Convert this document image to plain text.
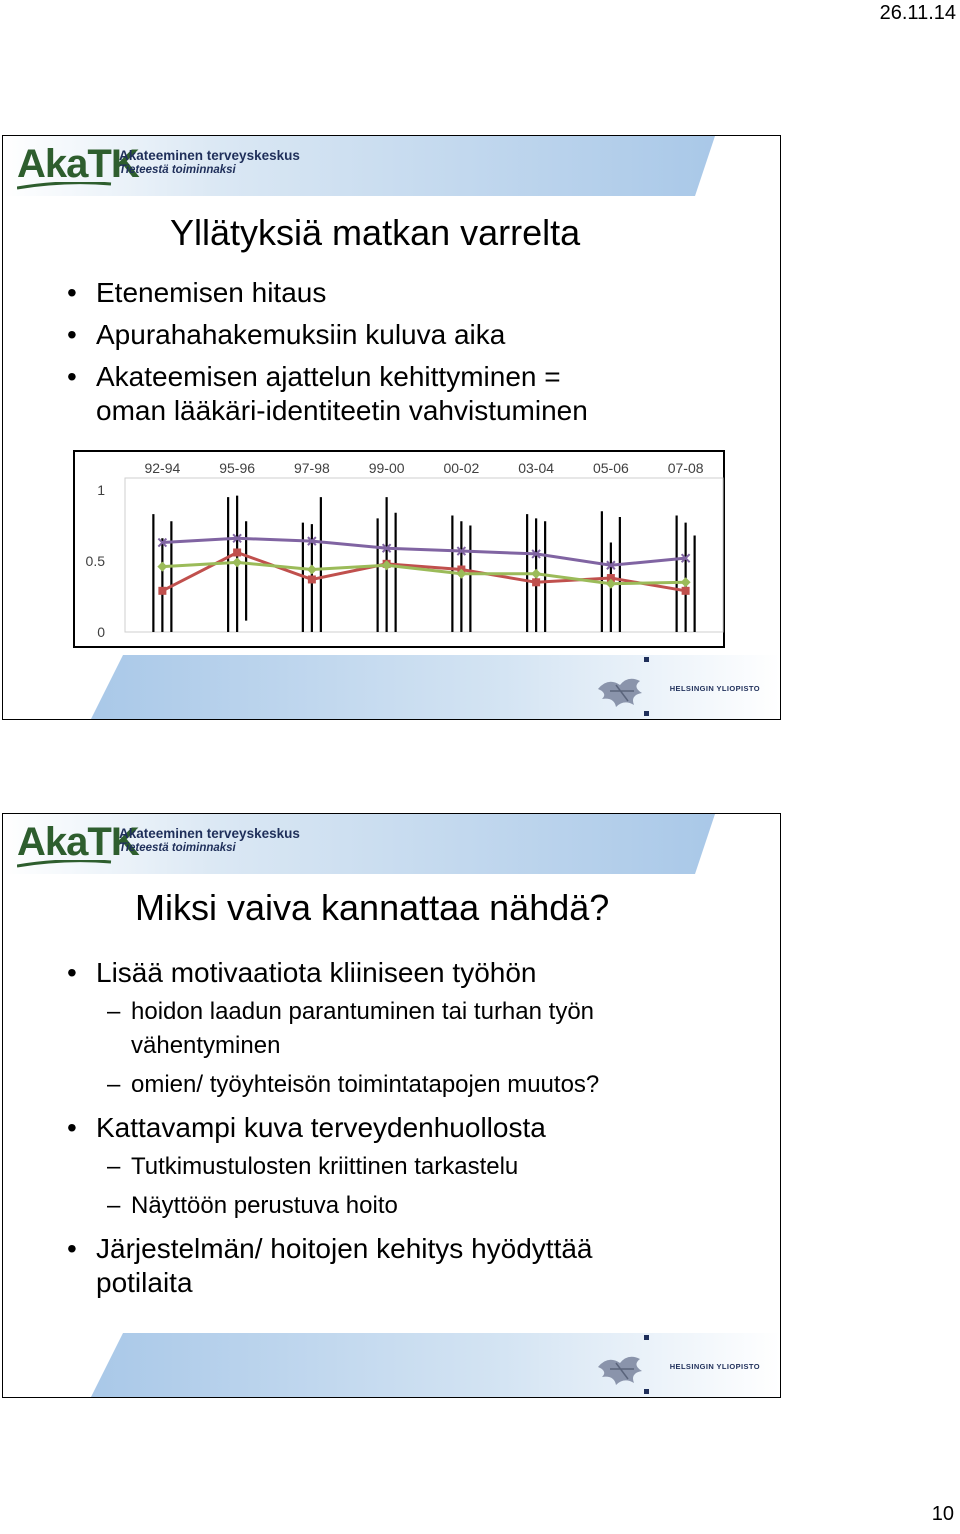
26.11.14
AkaTK
Akateeminen terveyskeskus
Tieteestä toiminnaksi
Yllätyksiä matkan varrelta
• Etenemisen hitaus
• Apurahahakemuksiin kuluva aika
• Akateemisen ajattelun kehittyminen =
oman lääkäri-identiteetin vahvistuminen
1
0.5
0
92-94	95-96	97-98	99-00	00-02	03-04	05-06	07-08
HELSINGIN YLIOPISTO
AkaTK
Akateeminen terveyskeskus
Tieteestä toiminnaksi
Miksi vaiva kannattaa nähdä?
• Lisää motivaatiota kliiniseen työhön
– hoidon laadun parantuminen tai turhan työn
vähentyminen
– omien/ työyhteisön toimintatapojen muutos?
• Kattavampi kuva terveydenhuollosta
– Tutkimustulosten kriittinen tarkastelu
– Näyttöön perustuva hoito
• Järjestelmän/ hoitojen kehitys hyödyttää
potilaita
HELSINGIN YLIOPISTO
10
